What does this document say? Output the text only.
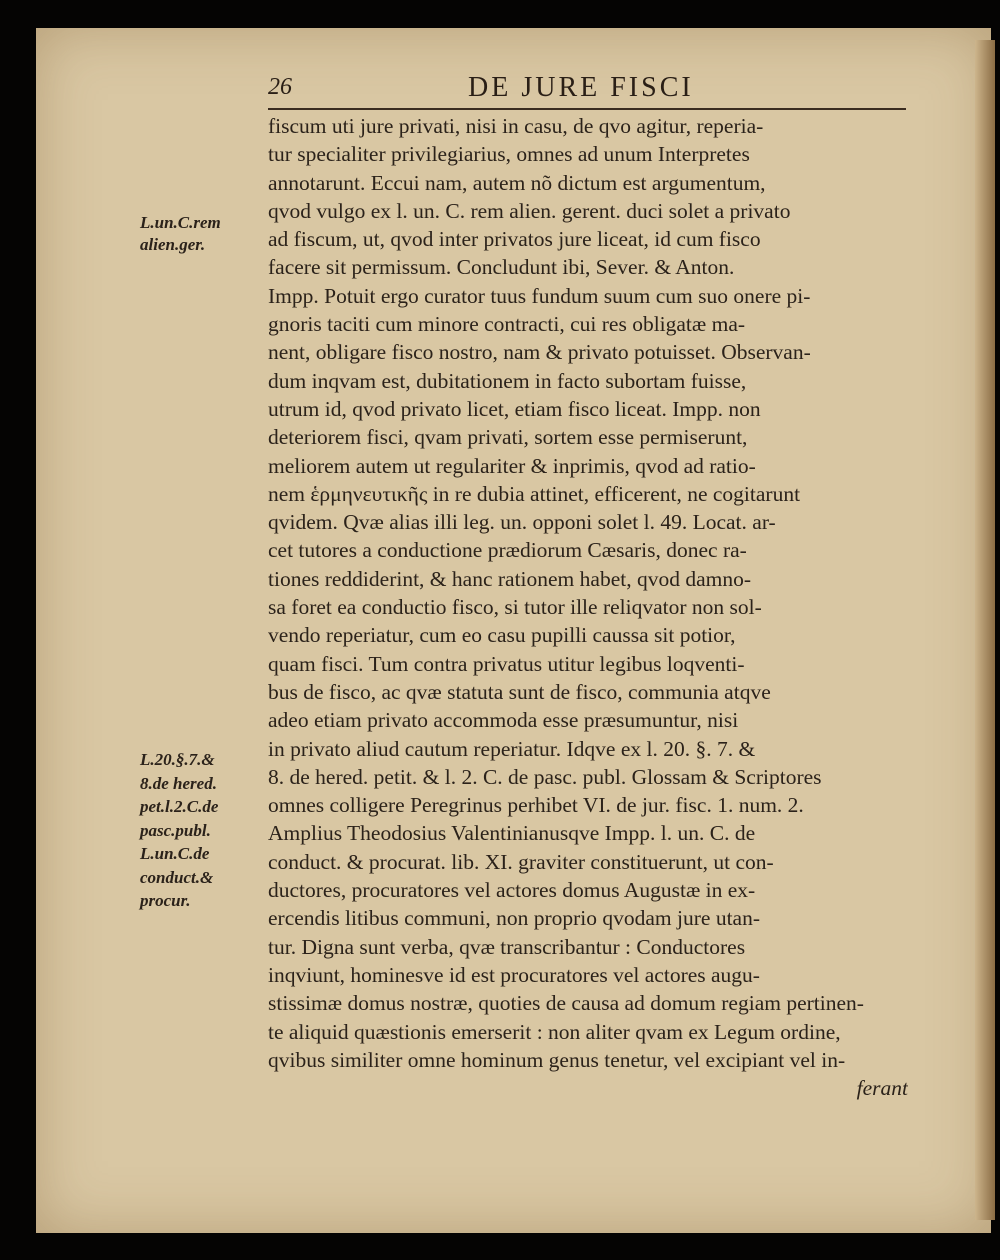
26	DE JURE FISCI
L.un.C.rem
alien.ger.
L.20.§.7.&
8.de hered.
pet.l.2.C.de
pasc.publ.
L.un.C.de
conduct.&
procur.
fiscum uti jure privati, nisi in casu, de qvo agitur, reperia-
tur specialiter privilegiarius, omnes ad unum Interpretes
annotarunt. Eccui nam, autem nõ dictum est argumentum,
qvod vulgo ex l. un. C. rem alien. gerent. duci solet a privato
ad fiscum, ut, qvod inter privatos jure liceat, id cum fisco
facere sit permissum. Concludunt ibi, Sever. & Anton.
Impp. Potuit ergo curator tuus fundum suum cum suo onere pi-
gnoris taciti cum minore contracti, cui res obligatæ ma-
nent, obligare fisco nostro, nam & privato potuisset. Observan-
dum inqvam est, dubitationem in facto subortam fuisse,
utrum id, qvod privato licet, etiam fisco liceat. Impp. non
deteriorem fisci, qvam privati, sortem esse permiserunt,
meliorem autem ut regulariter & inprimis, qvod ad ratio-
nem ἑρμηνευτικῆς in re dubia attinet, efficerent, ne cogitarunt
qvidem. Qvæ alias illi leg. un. opponi solet l. 49. Locat. ar-
cet tutores a conductione prædiorum Cæsaris, donec ra-
tiones reddiderint, & hanc rationem habet, qvod damno-
sa foret ea conductio fisco, si tutor ille reliqvator non sol-
vendo reperiatur, cum eo casu pupilli caussa sit potior,
quam fisci. Tum contra privatus utitur legibus loqventi-
bus de fisco, ac qvæ statuta sunt de fisco, communia atqve
adeo etiam privato accommoda esse præsumuntur, nisi
in privato aliud cautum reperiatur. Idqve ex l. 20. §. 7. &
8. de hered. petit. & l. 2. C. de pasc. publ. Glossam & Scriptores
omnes colligere Peregrinus perhibet VI. de jur. fisc. 1. num. 2.
Amplius Theodosius Valentinianusqve Impp. l. un. C. de
conduct. & procurat. lib. XI. graviter constituerunt, ut con-
ductores, procuratores vel actores domus Augustæ in ex-
ercendis litibus communi, non proprio qvodam jure utan-
tur. Digna sunt verba, qvæ transcribantur : Conductores
inqviunt, hominesve id est procuratores vel actores augu-
stissimæ domus nostræ, quoties de causa ad domum regiam pertinen-
te aliquid quæstionis emerserit : non aliter qvam ex Legum ordine,
qvibus similiter omne hominum genus tenetur, vel excipiant vel in-
ferant
